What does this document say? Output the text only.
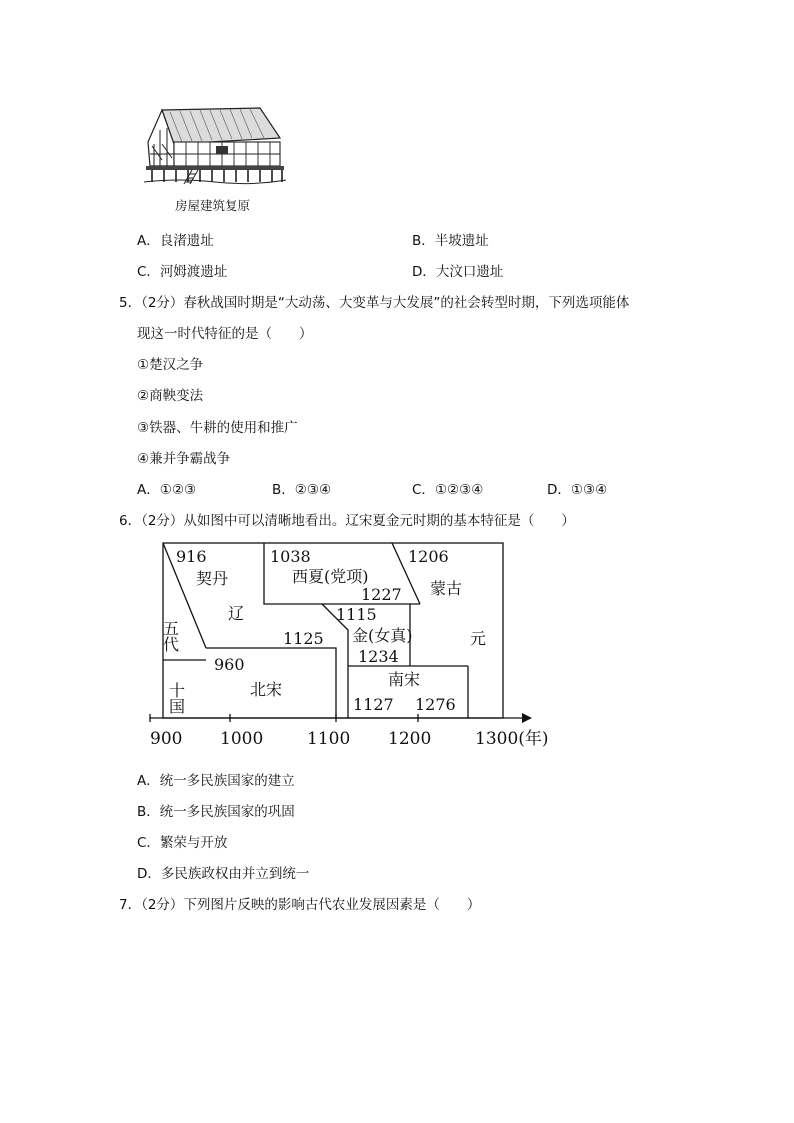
房屋建筑复原
A．良渚遗址	B．半坡遗址
C．河姆渡遗址	D．大汶口遗址
5．（2分）春秋战国时期是“大动荡、大变革与大发展”的社会转型时期，下列选项能体
现这一时代特征的是（　　）
①楚汉之争
②商鞅变法
③铁器、牛耕的使用和推广
④兼并争霸战争
A．①②③	B．②③④	C．①②③④	D．①③④
6．（2分）从如图中可以清晰地看出。辽宋夏金元时期的基本特征是（　　）
900 1000	1100 1200	1300(年)
916
契丹
辽
1125
五代
十国
1038
西夏(党项)
1227
1206
蒙古
1115
金(女真)
1234
元
960
北宋
南宋
1127 1276
A．统一多民族国家的建立
B．统一多民族国家的巩固
C．繁荣与开放
D．多民族政权由并立到统一
7．（2分）下列图片反映的影响古代农业发展因素是（　　）
